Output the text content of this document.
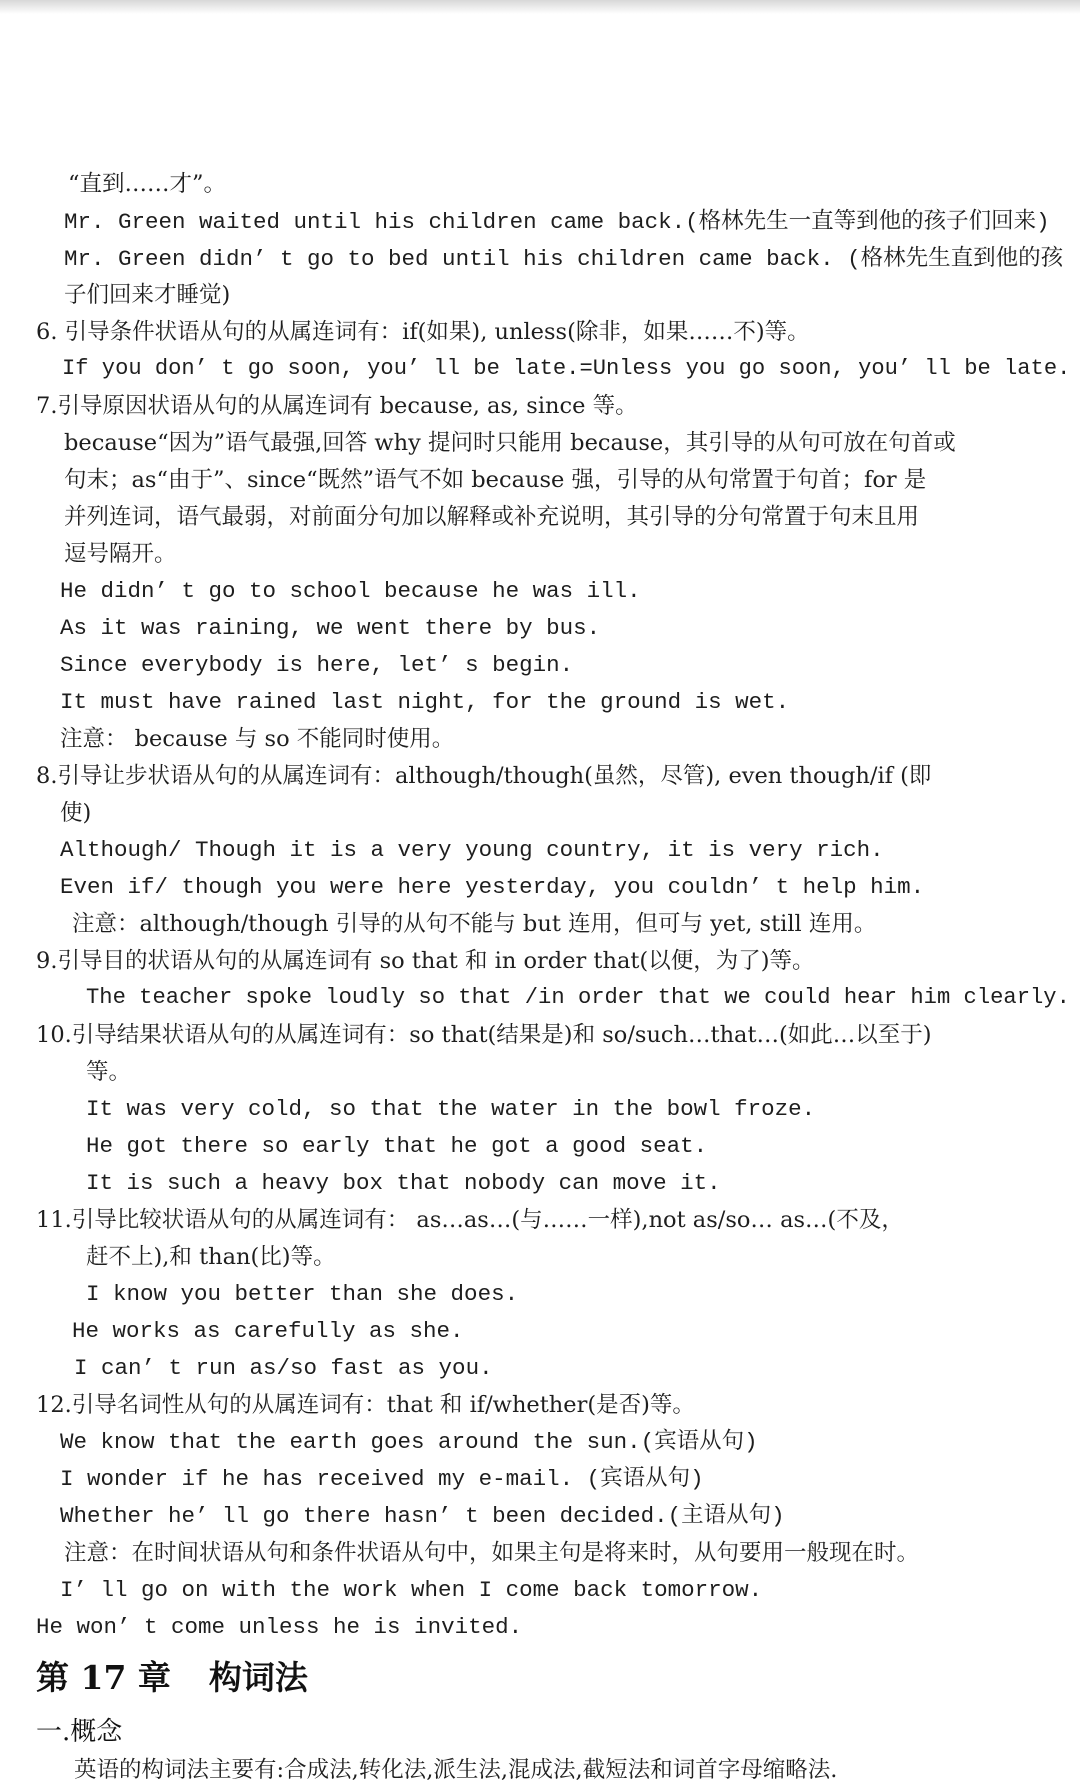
“直到……才”。
Mr. Green waited until his children came back.(格林先生一直等到他的孩子们回来)
Mr. Green didn’ t go to bed until his children came back. (格林先生直到他的孩
子们回来才睡觉)
6. 引导条件状语从句的从属连词有：if(如果), unless(除非，如果……不)等。
If you don’ t go soon, you’ ll be late.=Unless you go soon, you’ ll be late.
7.引导原因状语从句的从属连词有 because, as, since 等。
because“因为”语气最强,回答 why 提问时只能用 because，其引导的从句可放在句首或
句末；as“由于”、since“既然”语气不如 because 强，引导的从句常置于句首；for 是
并列连词，语气最弱，对前面分句加以解释或补充说明，其引导的分句常置于句末且用
逗号隔开。
He didn’ t go to school because he was ill.
As it was raining, we went there by bus.
Since everybody is here, let’ s begin.
It must have rained last night, for the ground is wet.
注意： because 与 so 不能同时使用。
8.引导让步状语从句的从属连词有：although/though(虽然，尽管), even though/if (即
使)
Although/ Though it is a very young country, it is very rich.
Even if/ though you were here yesterday, you couldn’ t help him.
注意：although/though 引导的从句不能与 but 连用，但可与 yet, still 连用。
9.引导目的状语从句的从属连词有 so that 和 in order that(以便，为了)等。
The teacher spoke loudly so that /in order that we could hear him clearly.
10.引导结果状语从句的从属连词有：so that(结果是)和 so/such…that…(如此…以至于)
等。
It was very cold, so that the water in the bowl froze.
He got there so early that he got a good seat.
It is such a heavy box that nobody can move it.
11.引导比较状语从句的从属连词有： as…as…(与……一样),not as/so… as…(不及，
赶不上),和 than(比)等。
I know you better than she does.
He works as carefully as she.
I can’ t run as/so fast as you.
12.引导名词性从句的从属连词有：that 和 if/whether(是否)等。
We know that the earth goes around the sun.(宾语从句)
I wonder if he has received my e-mail. (宾语从句)
Whether he’ ll go there hasn’ t been decided.(主语从句)
注意：在时间状语从句和条件状语从句中，如果主句是将来时，从句要用一般现在时。
I’ ll go on with the work when I come back tomorrow.
He won’ t come unless he is invited.
第 17 章 构词法
一.概念
英语的构词法主要有:合成法,转化法,派生法,混成法,截短法和词首字母缩略法.
